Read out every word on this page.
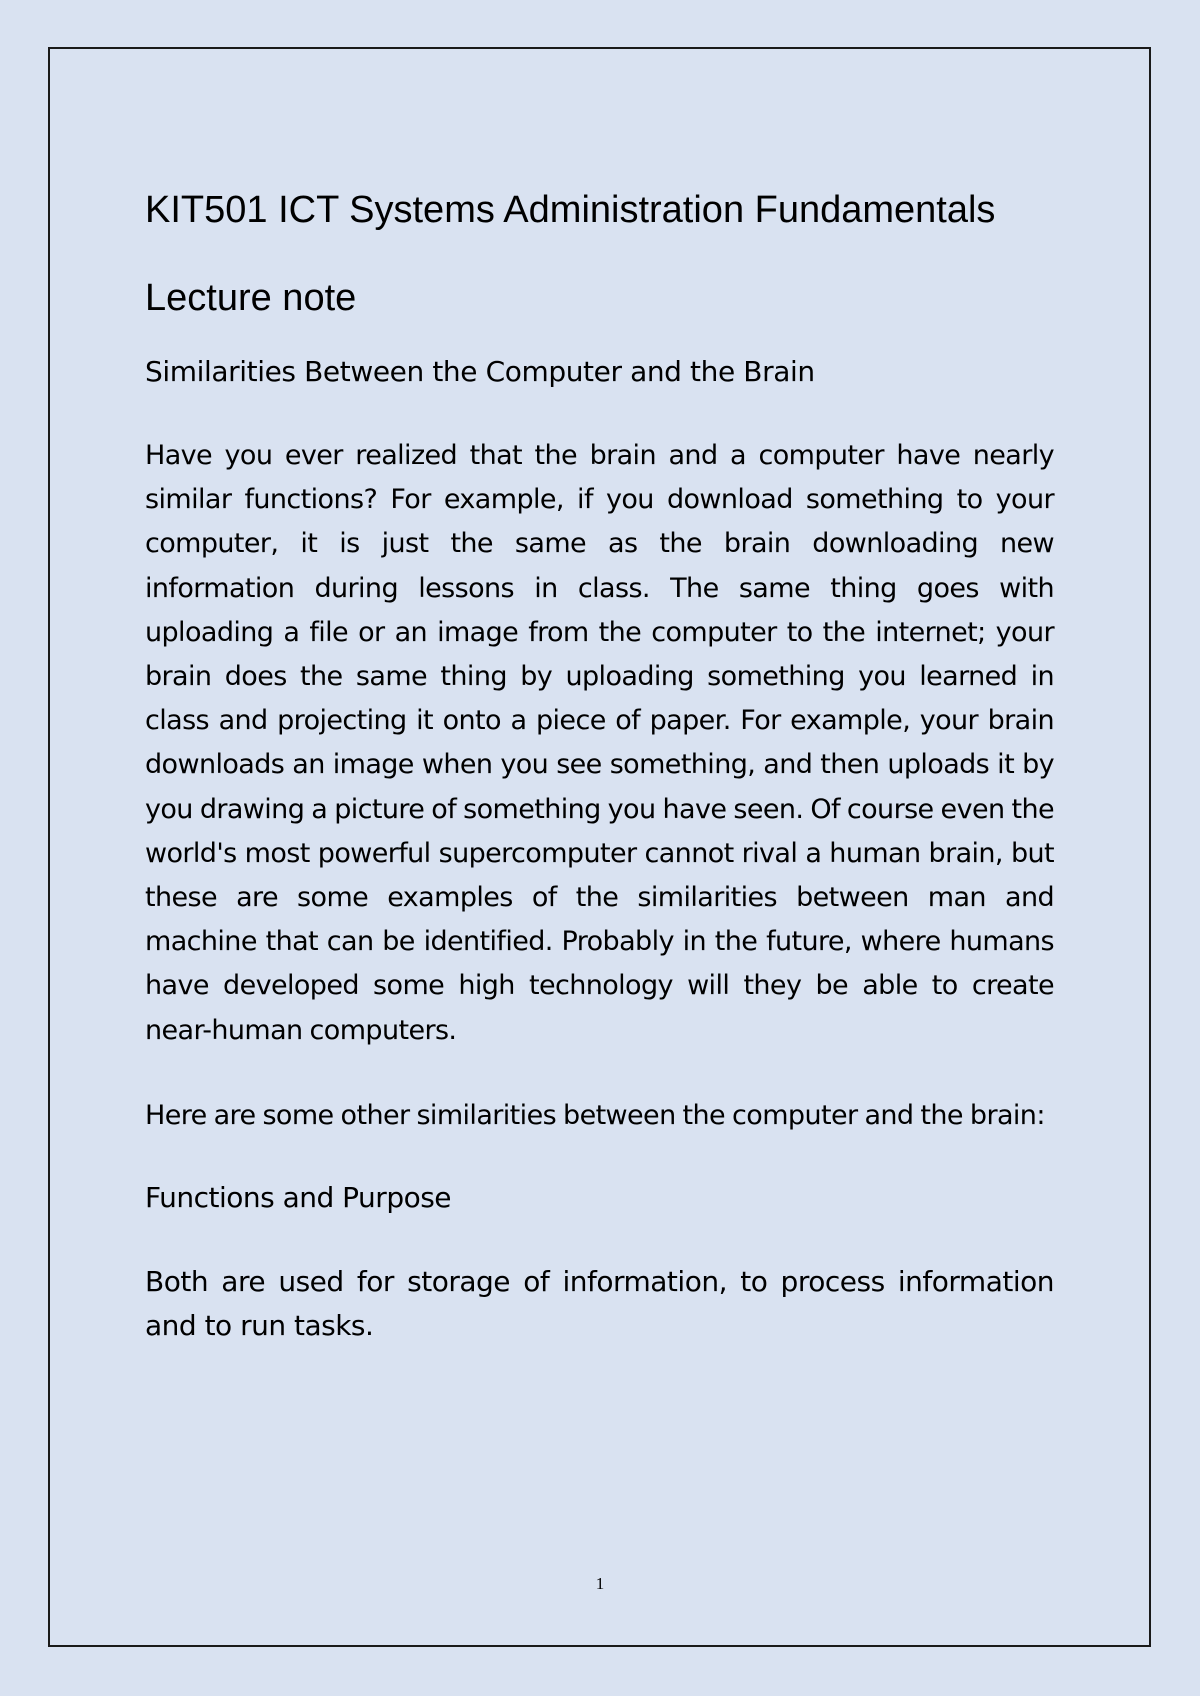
KIT501 ICT Systems Administration Fundamentals
Lecture note
Similarities Between the Computer and the Brain

Have you ever realized that the brain and a computer have nearly similar functions? For example, if you download something to your computer, it is just the same as the brain downloading new information during lessons in class. The same thing goes with uploading a file or an image from the computer to the internet; your brain does the same thing by uploading something you learned in class and projecting it onto a piece of paper. For example, your brain downloads an image when you see something, and then uploads it by you drawing a picture of something you have seen. Of course even the world's most powerful supercomputer cannot rival a human brain, but these are some examples of the similarities between man and machine that can be identified. Probably in the future, where humans have developed some high technology will they be able to create near-human computers.

Here are some other similarities between the computer and the brain:

Functions and Purpose

Both are used for storage of information, to process information and to run tasks.

1
